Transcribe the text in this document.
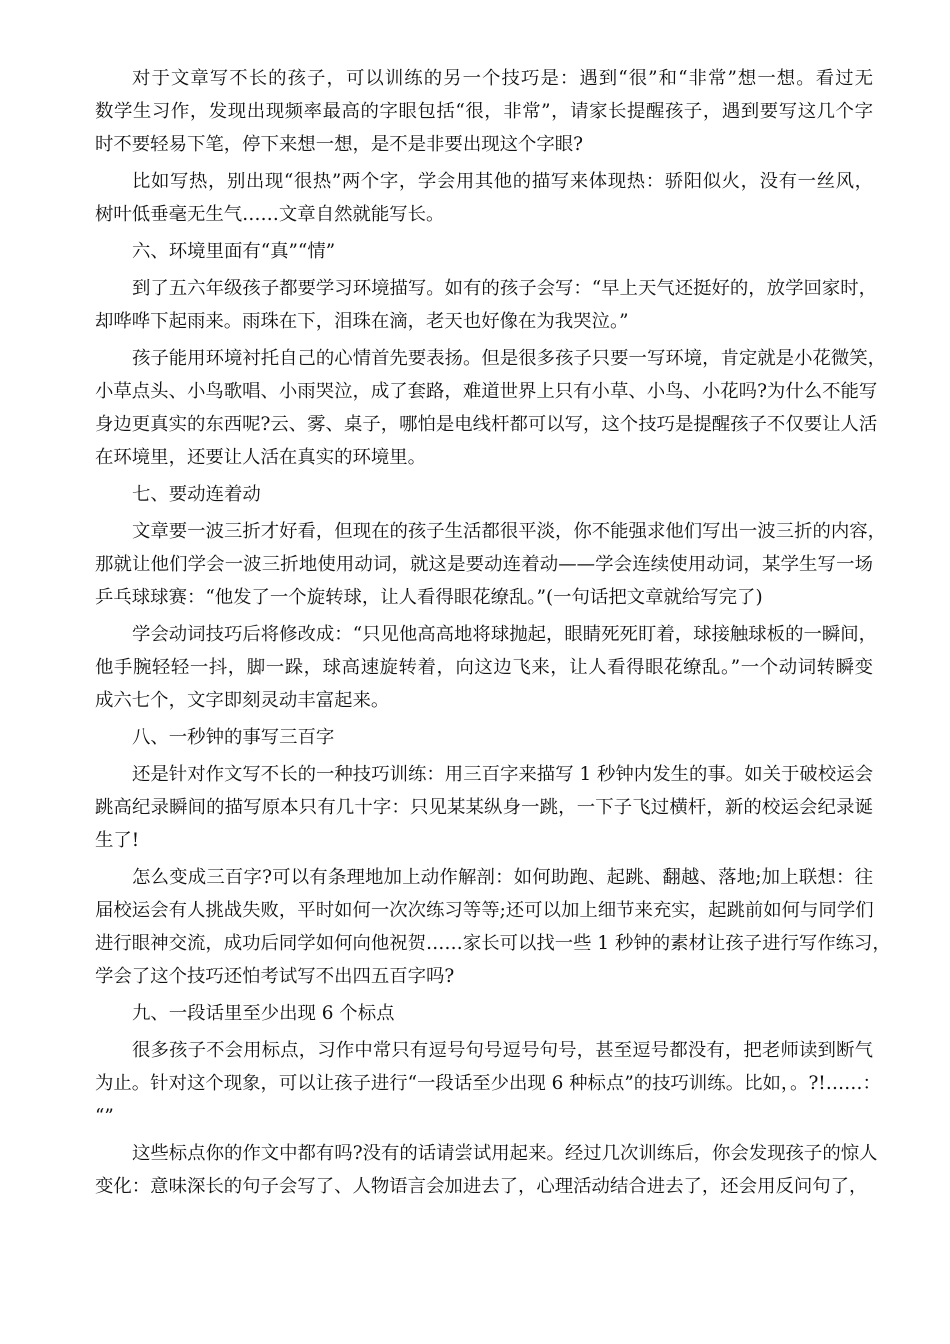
对于文章写不长的孩子，可以训练的另一个技巧是：遇到“很”和“非常”想一想。看过无
数学生习作，发现出现频率最高的字眼包括“很，非常”，请家长提醒孩子，遇到要写这几个字
时不要轻易下笔，停下来想一想，是不是非要出现这个字眼?
比如写热，别出现“很热”两个字，学会用其他的描写来体现热：骄阳似火，没有一丝风，
树叶低垂毫无生气……文章自然就能写长。
六、环境里面有“真”“情”
到了五六年级孩子都要学习环境描写。如有的孩子会写：“早上天气还挺好的，放学回家时，
却哗哗下起雨来。雨珠在下，泪珠在滴，老天也好像在为我哭泣。”
孩子能用环境衬托自己的心情首先要表扬。但是很多孩子只要一写环境，肯定就是小花微笑，
小草点头、小鸟歌唱、小雨哭泣，成了套路，难道世界上只有小草、小鸟、小花吗?为什么不能写
身边更真实的东西呢?云、雾、桌子，哪怕是电线杆都可以写，这个技巧是提醒孩子不仅要让人活
在环境里，还要让人活在真实的环境里。
七、要动连着动
文章要一波三折才好看，但现在的孩子生活都很平淡，你不能强求他们写出一波三折的内容，
那就让他们学会一波三折地使用动词，就这是要动连着动——学会连续使用动词，某学生写一场
乒乓球球赛：“他发了一个旋转球，让人看得眼花缭乱。”(一句话把文章就给写完了)
学会动词技巧后将修改成：“只见他高高地将球抛起，眼睛死死盯着，球接触球板的一瞬间，
他手腕轻轻一抖，脚一跺，球高速旋转着，向这边飞来，让人看得眼花缭乱。”一个动词转瞬变
成六七个，文字即刻灵动丰富起来。
八、一秒钟的事写三百字
还是针对作文写不长的一种技巧训练：用三百字来描写 1 秒钟内发生的事。如关于破校运会
跳高纪录瞬间的描写原本只有几十字：只见某某纵身一跳，一下子飞过横杆，新的校运会纪录诞
生了!
怎么变成三百字?可以有条理地加上动作解剖：如何助跑、起跳、翻越、落地;加上联想：往
届校运会有人挑战失败，平时如何一次次练习等等;还可以加上细节来充实，起跳前如何与同学们
进行眼神交流，成功后同学如何向他祝贺……家长可以找一些 1 秒钟的素材让孩子进行写作练习，
学会了这个技巧还怕考试写不出四五百字吗?
九、一段话里至少出现 6 个标点
很多孩子不会用标点，习作中常只有逗号句号逗号句号，甚至逗号都没有，把老师读到断气
为止。针对这个现象，可以让孩子进行“一段话至少出现 6 种标点”的技巧训练。比如，。?!……：
“”
这些标点你的作文中都有吗?没有的话请尝试用起来。经过几次训练后，你会发现孩子的惊人
变化：意味深长的句子会写了、人物语言会加进去了，心理活动结合进去了，还会用反问句了，
